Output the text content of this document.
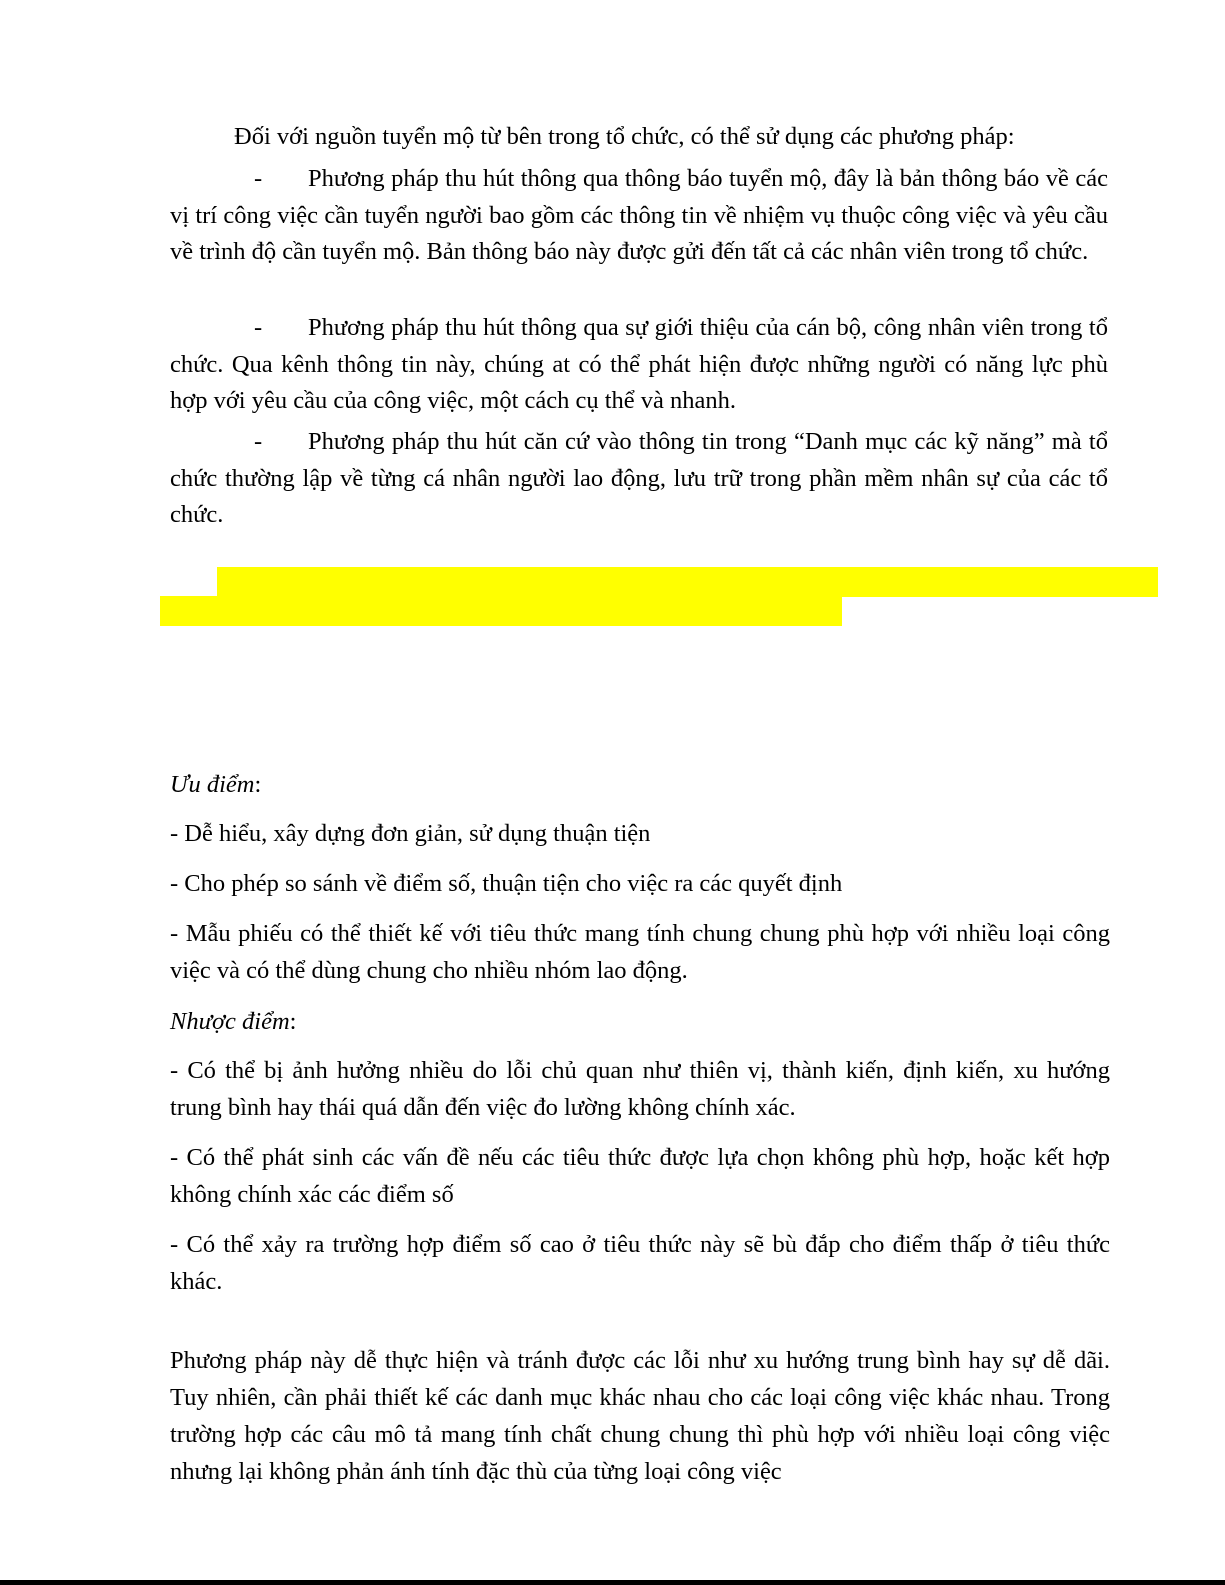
Đối với nguồn tuyển mộ từ bên trong tổ chức, có thể sử dụng các phương pháp:

- Phương pháp thu hút thông qua thông báo tuyển mộ, đây là bản thông báo về các vị trí công việc cần tuyển người bao gồm các thông tin về nhiệm vụ thuộc công việc và yêu cầu về trình độ cần tuyển mộ. Bản thông báo này được gửi đến tất cả các nhân viên trong tổ chức.

- Phương pháp thu hút thông qua sự giới thiệu của cán bộ, công nhân viên trong tổ chức. Qua kênh thông tin này, chúng at có thể phát hiện được những người có năng lực phù hợp với yêu cầu của công việc, một cách cụ thể và nhanh.

- Phương pháp thu hút căn cứ vào thông tin trong “Danh mục các kỹ năng” mà tổ chức thường lập về từng cá nhân người lao động, lưu trữ trong phần mềm nhân sự của các tổ chức.

Ưu điểm:

- Dễ hiểu, xây dựng đơn giản, sử dụng thuận tiện

- Cho phép so sánh về điểm số, thuận tiện cho việc ra các quyết định

- Mẫu phiếu có thể thiết kế với tiêu thức mang tính chung chung phù hợp với nhiều loại công việc và có thể dùng chung cho nhiều nhóm lao động.

Nhược điểm:

- Có thể bị ảnh hưởng nhiều do lỗi chủ quan như thiên vị, thành kiến, định kiến, xu hướng trung bình hay thái quá dẫn đến việc đo lường không chính xác.

- Có thể phát sinh các vấn đề nếu các tiêu thức được lựa chọn không phù hợp, hoặc kết hợp không chính xác các điểm số

- Có thể xảy ra trường hợp điểm số cao ở tiêu thức này sẽ bù đắp cho điểm thấp ở tiêu thức khác.

Phương pháp này dễ thực hiện và tránh được các lỗi như xu hướng trung bình hay sự dễ dãi. Tuy nhiên, cần phải thiết kế các danh mục khác nhau cho các loại công việc khác nhau. Trong trường hợp các câu mô tả mang tính chất chung chung thì phù hợp với nhiều loại công việc nhưng lại không phản ánh tính đặc thù của từng loại công việc
